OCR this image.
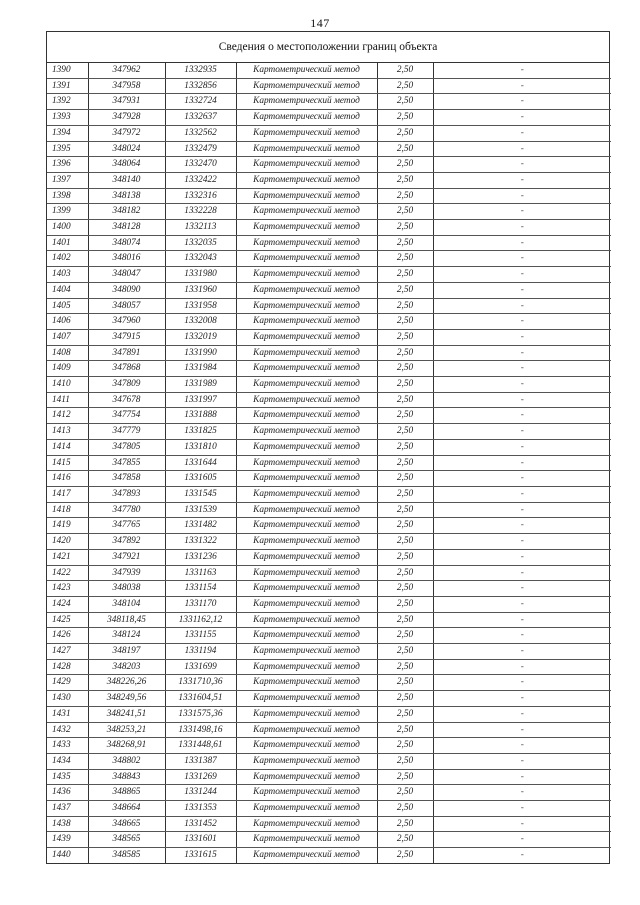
147
Сведения о местоположении границ объекта
1390	347962	1332935	Картометрический метод	2,50	-
1391	347958	1332856	Картометрический метод	2,50	-
1392	347931	1332724	Картометрический метод	2,50	-
1393	347928	1332637	Картометрический метод	2,50	-
1394	347972	1332562	Картометрический метод	2,50	-
1395	348024	1332479	Картометрический метод	2,50	-
1396	348064	1332470	Картометрический метод	2,50	-
1397	348140	1332422	Картометрический метод	2,50	-
1398	348138	1332316	Картометрический метод	2,50	-
1399	348182	1332228	Картометрический метод	2,50	-
1400	348128	1332113	Картометрический метод	2,50	-
1401	348074	1332035	Картометрический метод	2,50	-
1402	348016	1332043	Картометрический метод	2,50	-
1403	348047	1331980	Картометрический метод	2,50	-
1404	348090	1331960	Картометрический метод	2,50	-
1405	348057	1331958	Картометрический метод	2,50	-
1406	347960	1332008	Картометрический метод	2,50	-
1407	347915	1332019	Картометрический метод	2,50	-
1408	347891	1331990	Картометрический метод	2,50	-
1409	347868	1331984	Картометрический метод	2,50	-
1410	347809	1331989	Картометрический метод	2,50	-
1411	347678	1331997	Картометрический метод	2,50	-
1412	347754	1331888	Картометрический метод	2,50	-
1413	347779	1331825	Картометрический метод	2,50	-
1414	347805	1331810	Картометрический метод	2,50	-
1415	347855	1331644	Картометрический метод	2,50	-
1416	347858	1331605	Картометрический метод	2,50	-
1417	347893	1331545	Картометрический метод	2,50	-
1418	347780	1331539	Картометрический метод	2,50	-
1419	347765	1331482	Картометрический метод	2,50	-
1420	347892	1331322	Картометрический метод	2,50	-
1421	347921	1331236	Картометрический метод	2,50	-
1422	347939	1331163	Картометрический метод	2,50	-
1423	348038	1331154	Картометрический метод	2,50	-
1424	348104	1331170	Картометрический метод	2,50	-
1425	348118,45	1331162,12	Картометрический метод	2,50	-
1426	348124	1331155	Картометрический метод	2,50	-
1427	348197	1331194	Картометрический метод	2,50	-
1428	348203	1331699	Картометрический метод	2,50	-
1429	348226,26	1331710,36	Картометрический метод	2,50	-
1430	348249,56	1331604,51	Картометрический метод	2,50	-
1431	348241,51	1331575,36	Картометрический метод	2,50	-
1432	348253,21	1331498,16	Картометрический метод	2,50	-
1433	348268,91	1331448,61	Картометрический метод	2,50	-
1434	348802	1331387	Картометрический метод	2,50	-
1435	348843	1331269	Картометрический метод	2,50	-
1436	348865	1331244	Картометрический метод	2,50	-
1437	348664	1331353	Картометрический метод	2,50	-
1438	348665	1331452	Картометрический метод	2,50	-
1439	348565	1331601	Картометрический метод	2,50	-
1440	348585	1331615	Картометрический метод	2,50	-
